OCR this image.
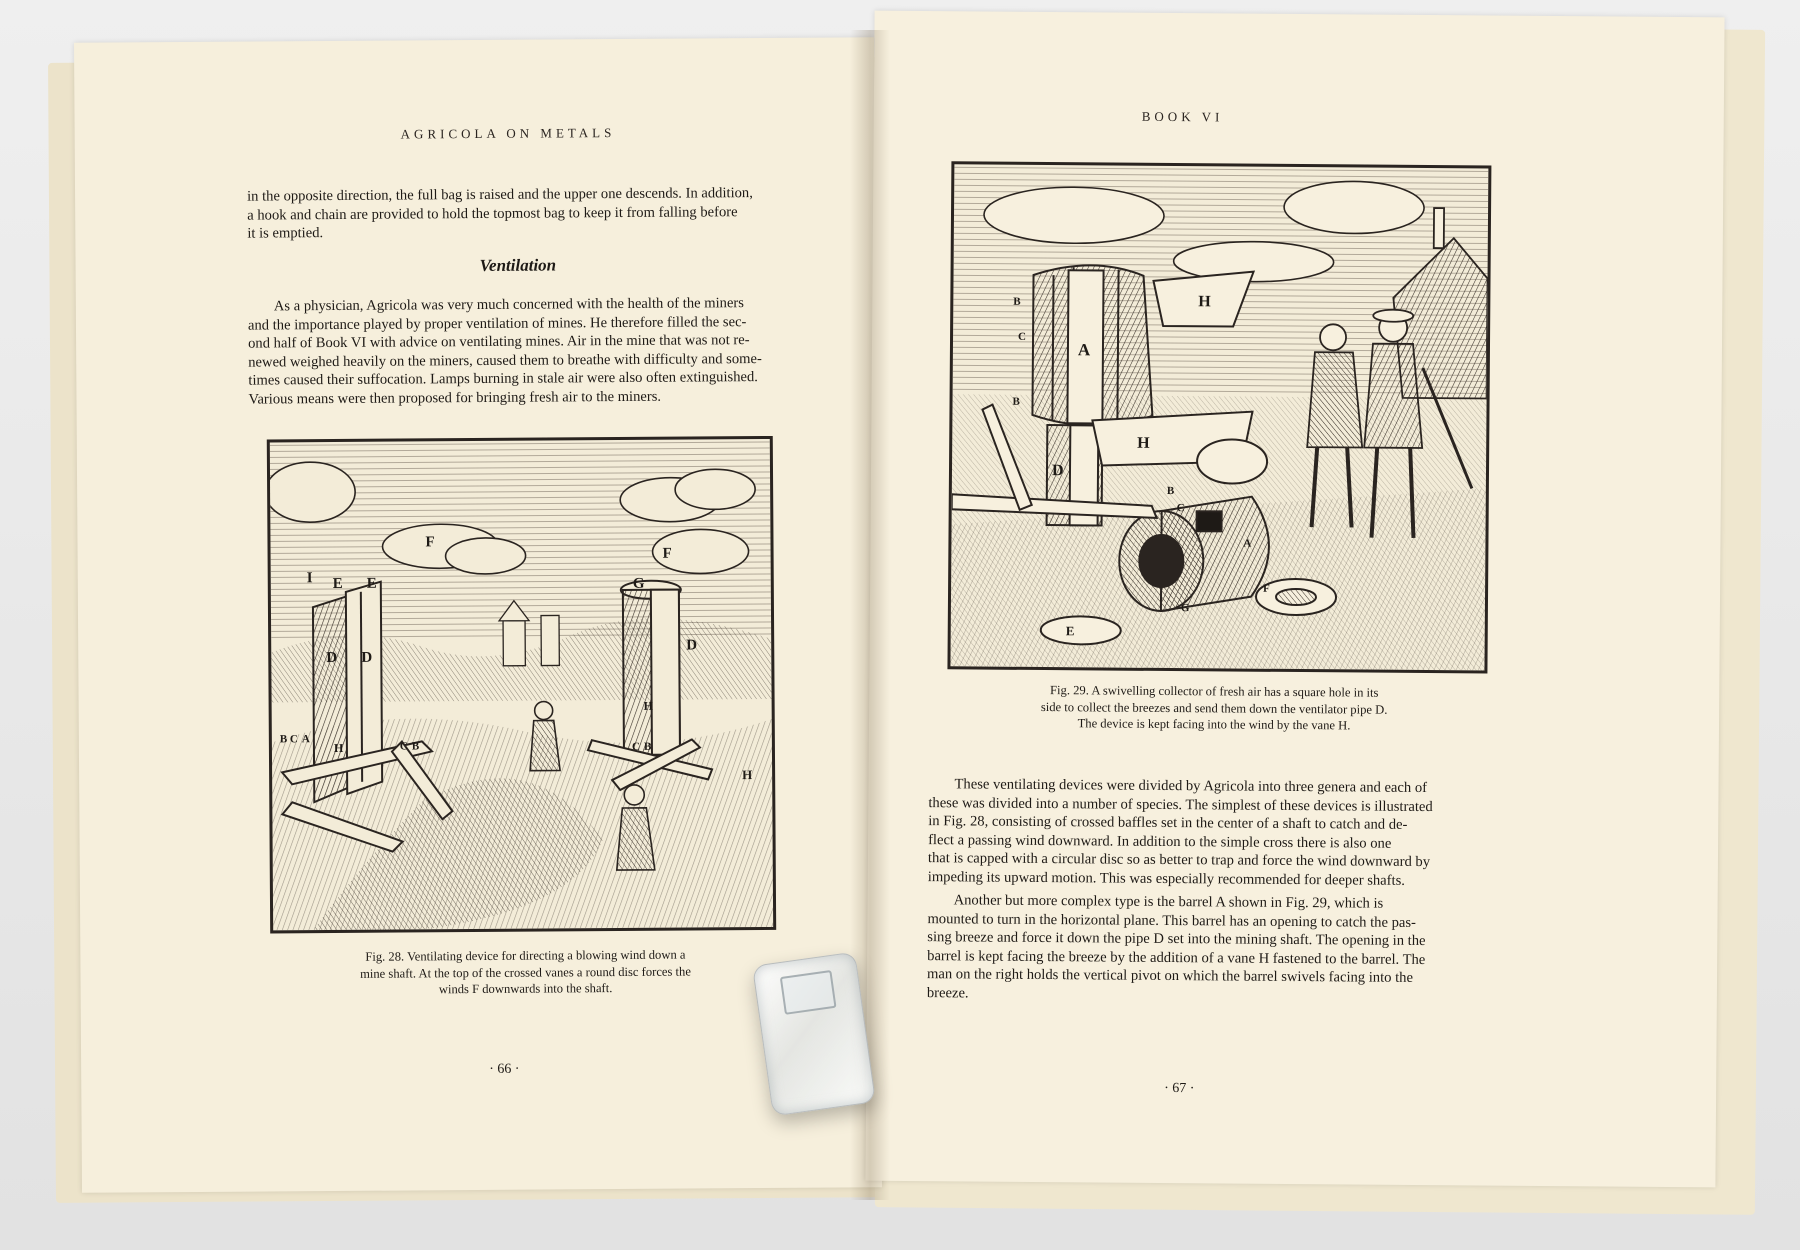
AGRICOLA ON METALS

in the opposite direction, the full bag is raised and the upper one descends. In addition,

a hook and chain are provided to hold the topmost bag to keep it from falling before

it is emptied.

Ventilation

As a physician, Agricola was very much concerned with the health of the miners

and the importance played by proper ventilation of mines. He therefore filled the sec-

ond half of Book VI with advice on ventilating mines. Air in the mine that was not re-

newed weighed heavily on the miners, caused them to breathe with difficulty and some-

times caused their suffocation. Lamps burning in stale air were also often extinguished.

Various means were then proposed for bringing fresh air to the miners.

F
F
E E
I	G
D D
D
B C A
C B
H	C B
H
H
Fig. 28. Ventilating device for directing a blowing wind down a
mine shaft. At the top of the crossed vanes a round disc forces the
winds F downwards into the shaft.
· 66 ·
BOOK VI
A
H
H
B
C
B
D
B
C
A
G
F
E
Fig. 29. A swivelling collector of fresh air has a square hole in its
side to collect the breezes and send them down the ventilator pipe D.
The device is kept facing into the wind by the vane H.

These ventilating devices were divided by Agricola into three genera and each of

these was divided into a number of species. The simplest of these devices is illustrated

in Fig. 28, consisting of crossed baffles set in the center of a shaft to catch and de-

flect a passing wind downward. In addition to the simple cross there is also one

that is capped with a circular disc so as better to trap and force the wind downward by

impeding its upward motion. This was especially recommended for deeper shafts.

Another but more complex type is the barrel A shown in Fig. 29, which is

mounted to turn in the horizontal plane. This barrel has an opening to catch the pas-

sing breeze and force it down the pipe D set into the mining shaft. The opening in the

barrel is kept facing the breeze by the addition of a vane H fastened to the barrel. The

man on the right holds the vertical pivot on which the barrel swivels facing into the

breeze.

· 67 ·
